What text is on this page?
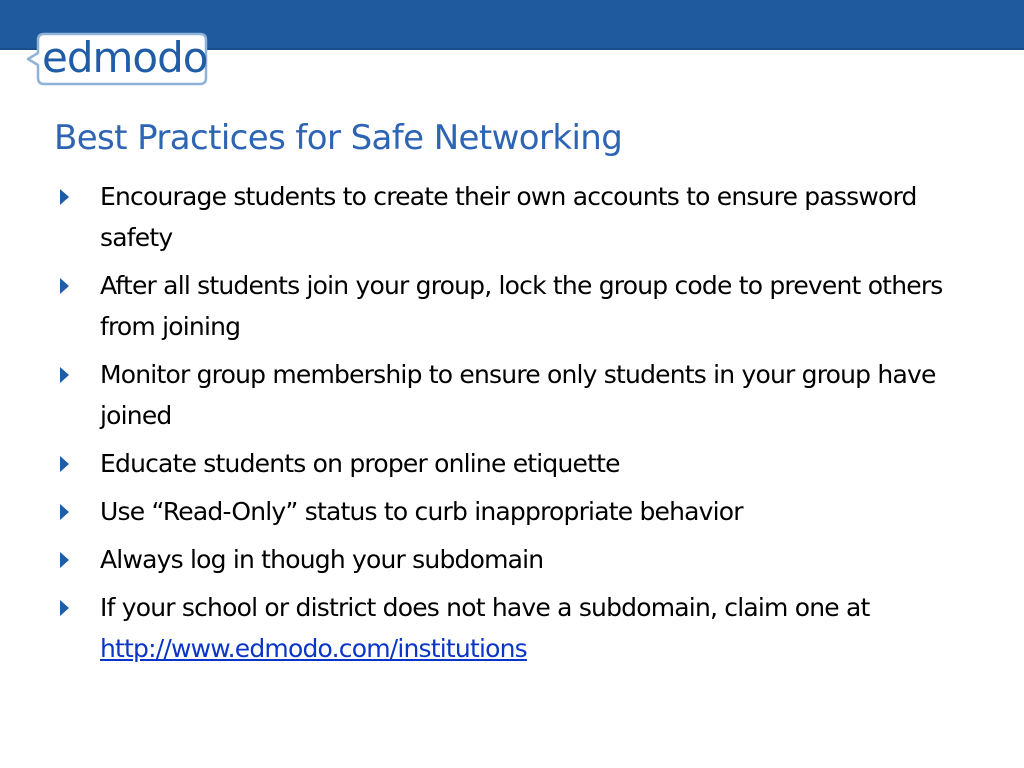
edmodo
Best Practices for Safe Networking
Encourage students to create their own accounts to ensure password safety
After all students join your group, lock the group code to prevent others from joining
Monitor group membership to ensure only students in your group have joined
Educate students on proper online etiquette
Use “Read-Only” status to curb inappropriate behavior
Always log in though your subdomain
If your school or district does not have a subdomain, claim one at http://www.edmodo.com/institutions
